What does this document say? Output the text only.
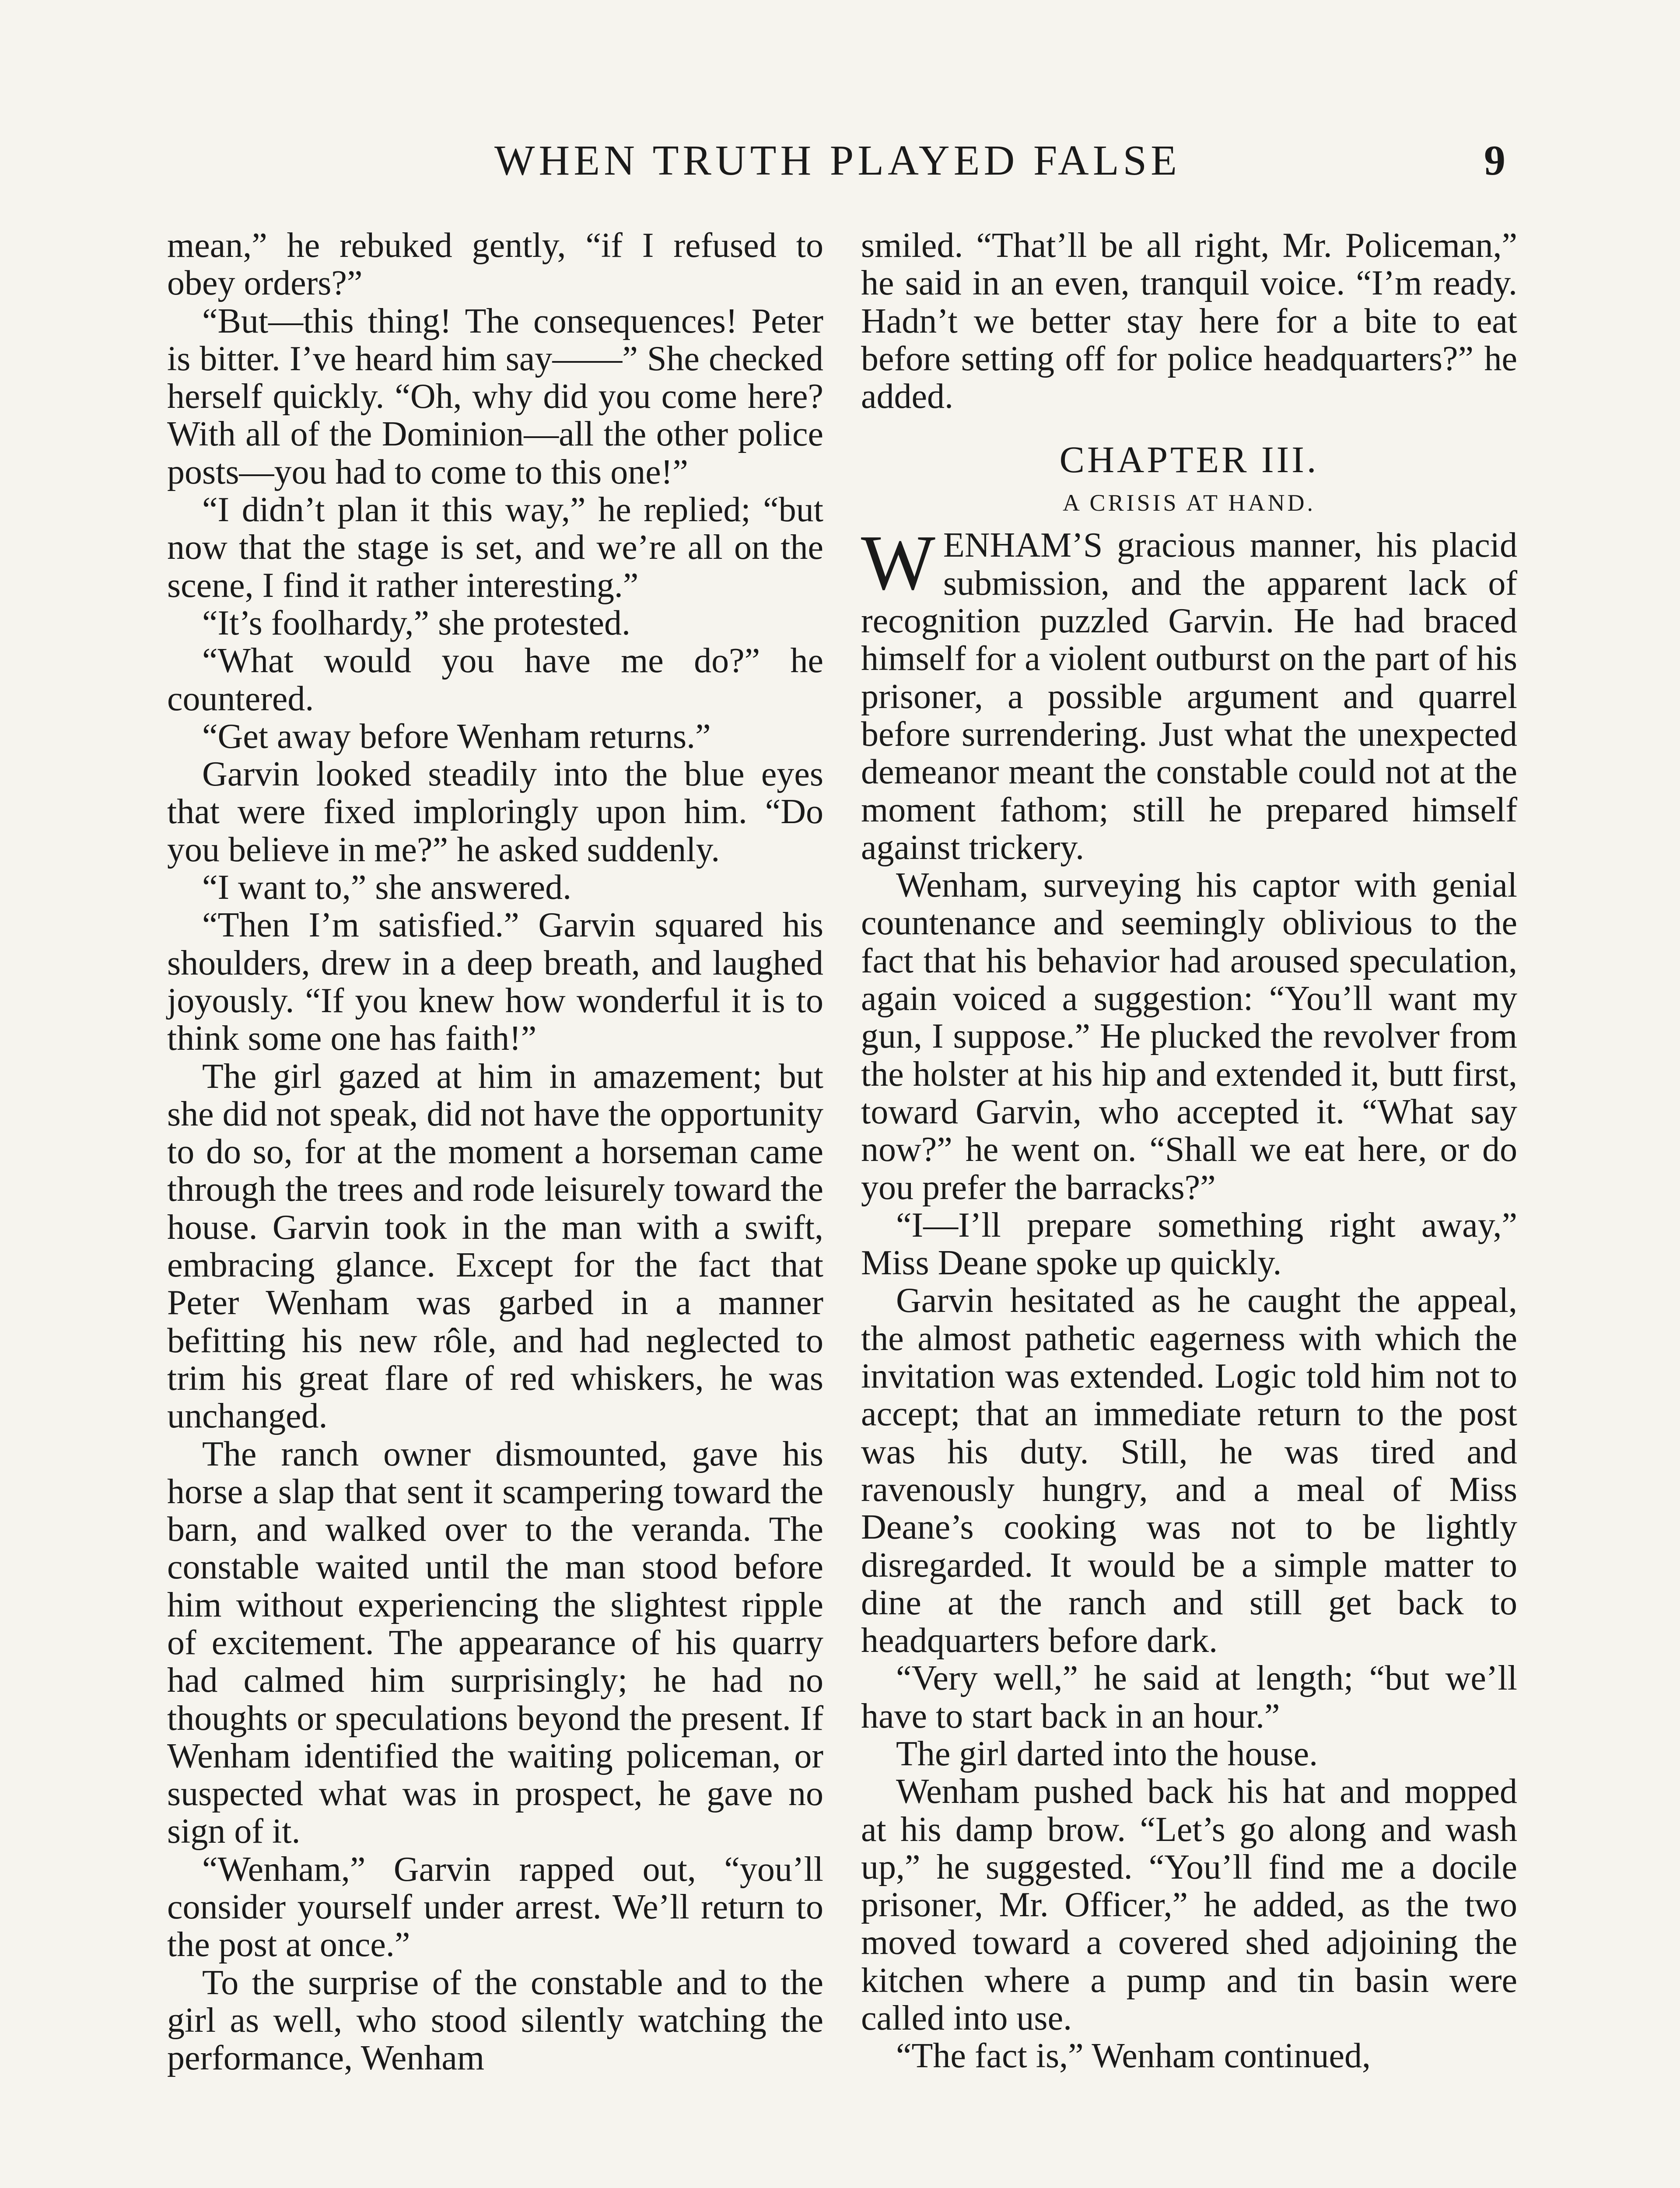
WHEN TRUTH PLAYED FALSE	9

mean,” he rebuked gently, “if I refused to obey orders?”

“But—this thing! The consequences! Peter is bitter. I’ve heard him say——” She checked herself quickly. “Oh, why did you come here? With all of the Dominion—all the other police posts—you had to come to this one!”

“I didn’t plan it this way,” he replied; “but now that the stage is set, and we’re all on the scene, I find it rather interesting.”

“It’s foolhardy,” she protested.

“What would you have me do?” he countered.

“Get away before Wenham returns.”

Garvin looked steadily into the blue eyes that were fixed imploringly upon him. “Do you believe in me?” he asked suddenly.

“I want to,” she answered.

“Then I’m satisfied.” Garvin squared his shoulders, drew in a deep breath, and laughed joyously. “If you knew how wonderful it is to think some one has faith!”

The girl gazed at him in amazement; but she did not speak, did not have the opportunity to do so, for at the moment a horseman came through the trees and rode leisurely toward the house. Garvin took in the man with a swift, embracing glance. Except for the fact that Peter Wenham was garbed in a manner befitting his new rôle, and had neglected to trim his great flare of red whiskers, he was unchanged.

The ranch owner dismounted, gave his horse a slap that sent it scampering toward the barn, and walked over to the veranda. The constable waited until the man stood before him without experiencing the slightest ripple of excitement. The appearance of his quarry had calmed him surprisingly; he had no thoughts or speculations beyond the present. If Wenham identified the waiting policeman, or suspected what was in prospect, he gave no sign of it.

“Wenham,” Garvin rapped out, “you’ll consider yourself under arrest. We’ll return to the post at once.”

To the surprise of the constable and to the girl as well, who stood silently watching the performance, Wenham

smiled. “That’ll be all right, Mr. Policeman,” he said in an even, tranquil voice. “I’m ready. Hadn’t we better stay here for a bite to eat before setting off for police headquarters?” he added.

CHAPTER III.
A CRISIS AT HAND.

WENHAM’S gracious manner, his placid submission, and the apparent lack of recognition puzzled Garvin. He had braced himself for a violent outburst on the part of his prisoner, a possible argument and quarrel before surrendering. Just what the unexpected demeanor meant the constable could not at the moment fathom; still he prepared himself against trickery.

Wenham, surveying his captor with genial countenance and seemingly oblivious to the fact that his behavior had aroused speculation, again voiced a suggestion: “You’ll want my gun, I suppose.” He plucked the revolver from the holster at his hip and extended it, butt first, toward Garvin, who accepted it. “What say now?” he went on. “Shall we eat here, or do you prefer the barracks?”

“I—I’ll prepare something right away,” Miss Deane spoke up quickly.

Garvin hesitated as he caught the appeal, the almost pathetic eagerness with which the invitation was extended. Logic told him not to accept; that an immediate return to the post was his duty. Still, he was tired and ravenously hungry, and a meal of Miss Deane’s cooking was not to be lightly disregarded. It would be a simple matter to dine at the ranch and still get back to headquarters before dark.

“Very well,” he said at length; “but we’ll have to start back in an hour.”

The girl darted into the house.

Wenham pushed back his hat and mopped at his damp brow. “Let’s go along and wash up,” he suggested. “You’ll find me a docile prisoner, Mr. Officer,” he added, as the two moved toward a covered shed adjoining the kitchen where a pump and tin basin were called into use.

“The fact is,” Wenham continued,
